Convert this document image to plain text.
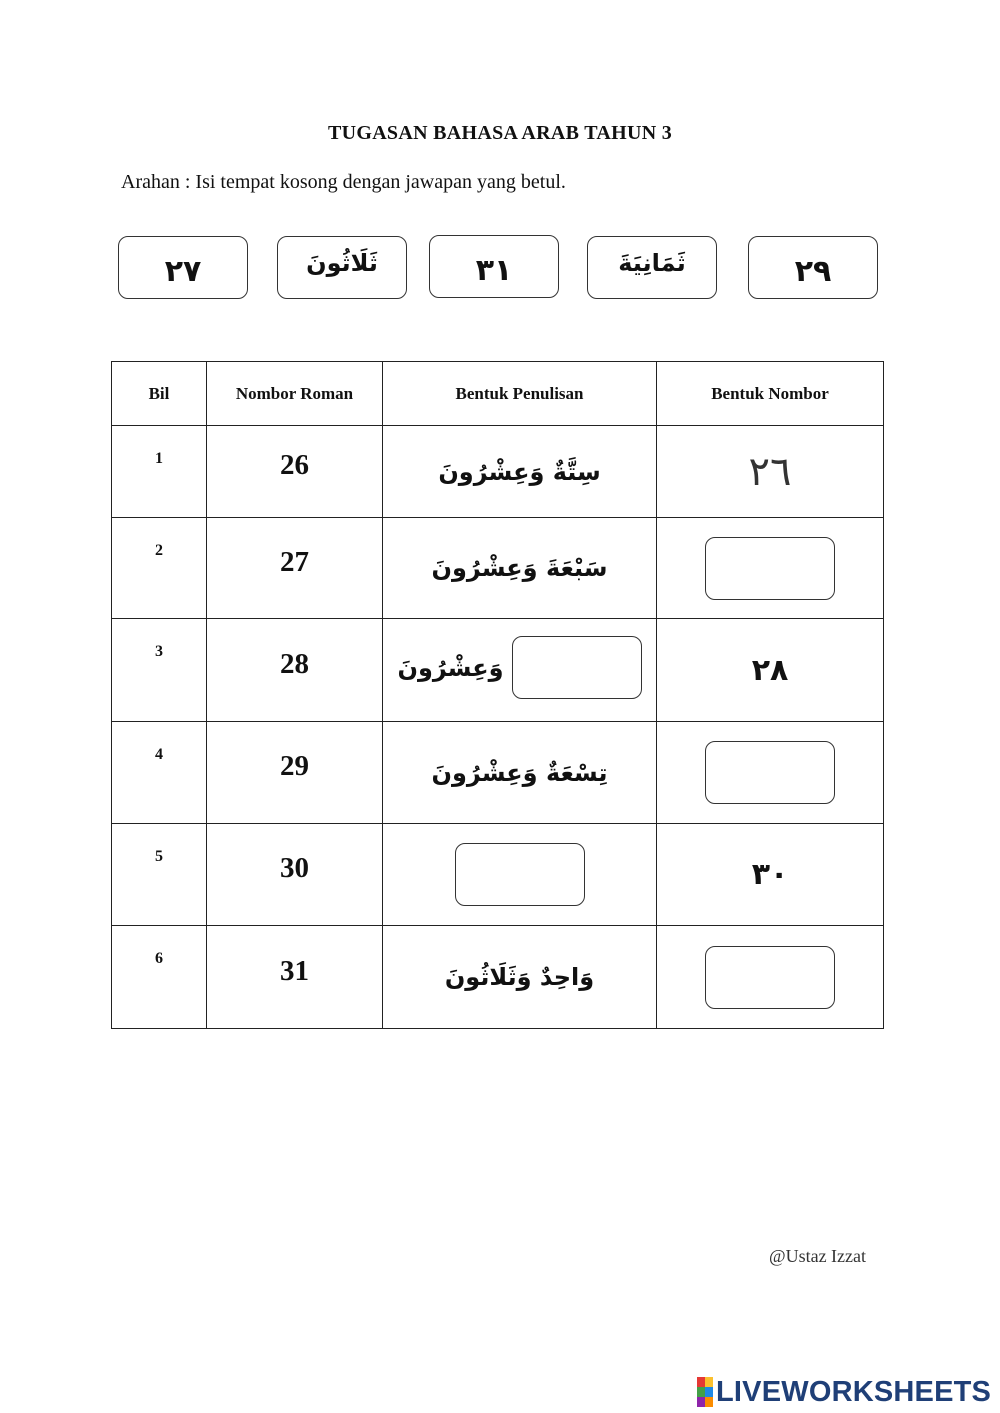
TUGASAN BAHASA ARAB TAHUN 3
Arahan : Isi tempat kosong dengan jawapan yang betul.
٢٧	ثَلَاثُونَ	٣١	ثَمَانِيَةَ	٢٩
Bil	Nombor Roman	Bentuk Penulisan	Bentuk Nombor

1	26	سِتَّةٌ وَعِشْرُونَ	٢٦

2	27	سَبْعَةَ وَعِشْرُونَ	

3	28	وَعِشْرُونَ	٢٨

4	29	تِسْعَةٌ وَعِشْرُونَ	

5	30		٣٠

6	31	وَاحِدٌ وَثَلَاثُونَ	
@Ustaz Izzat
LIVEWORKSHEETS
